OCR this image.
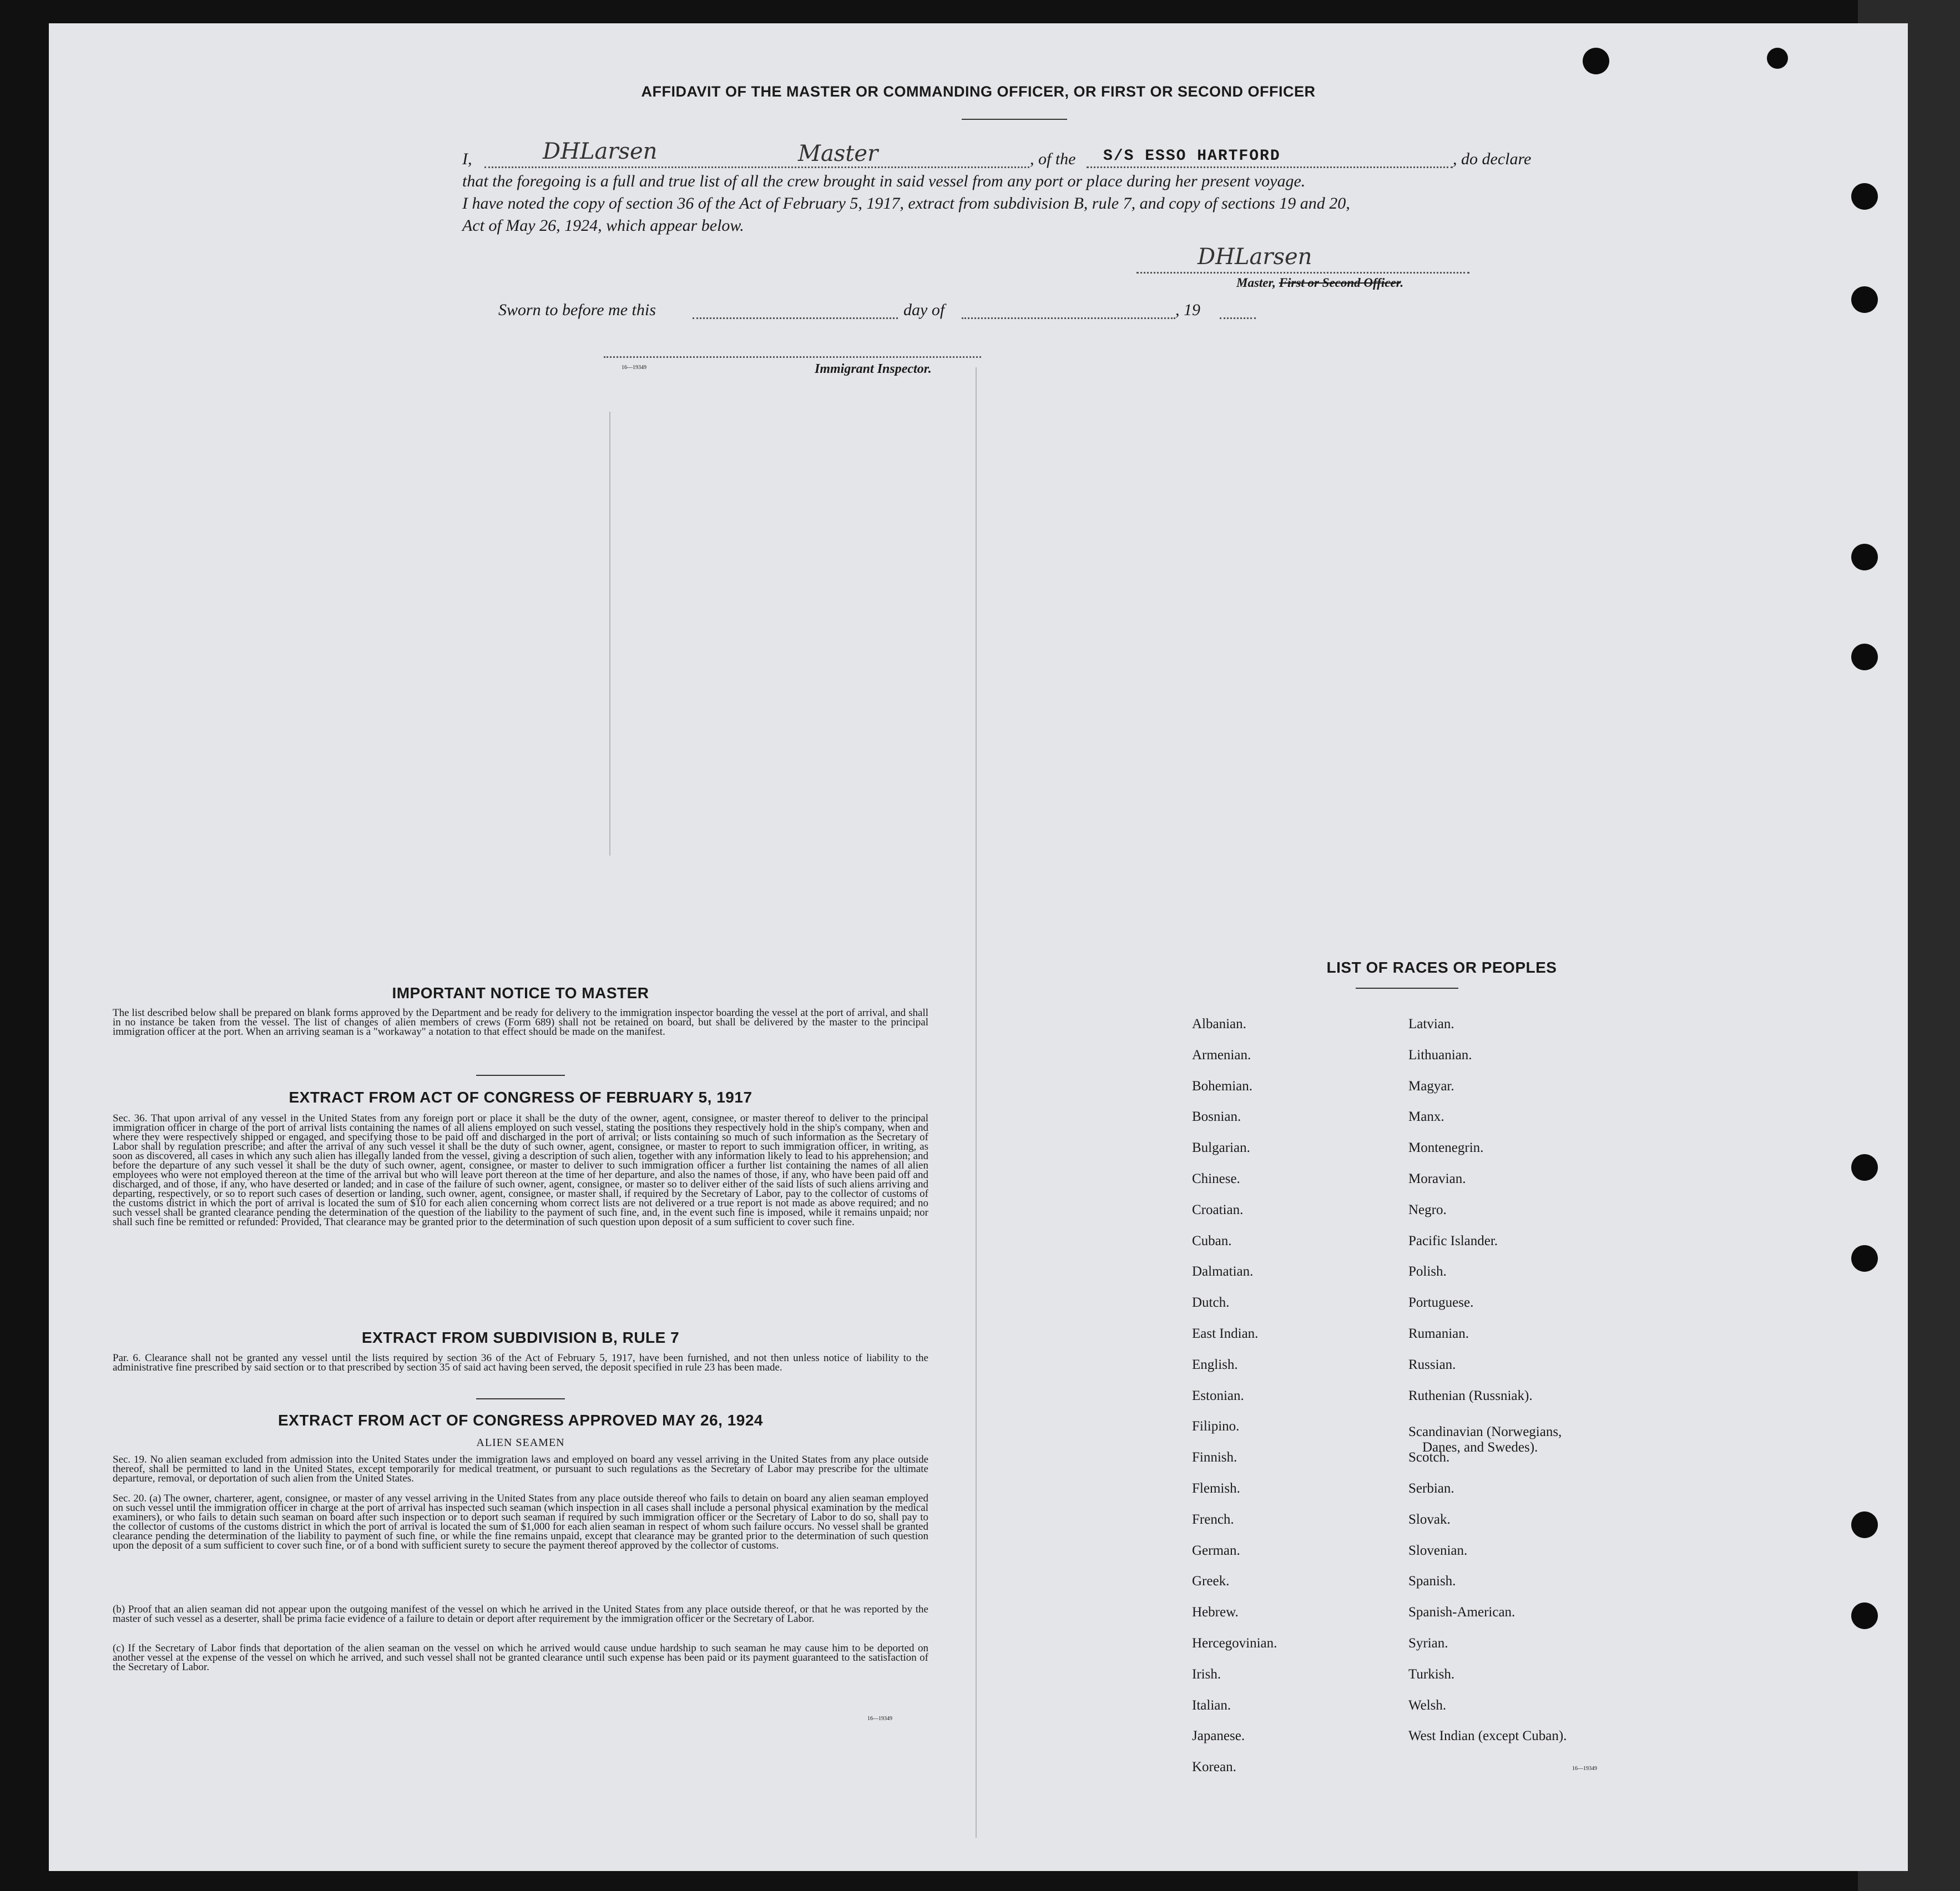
AFFIDAVIT OF THE MASTER OR COMMANDING OFFICER, OR FIRST OR SECOND OFFICER
I,	DHLarsen	Master	, of the S/S ESSO HARTFORD	, do declare
that the foregoing is a full and true list of all the crew brought in said vessel from any port or place during her present voyage.
I have noted the copy of section 36 of the Act of February 5, 1917, extract from subdivision B, rule 7, and copy of sections 19 and 20,
Act of May 26, 1924, which appear below.
DHLarsen
Master, First or Second Officer.
Sworn to before me this	day of	, 19
16—19349	Immigrant Inspector.
IMPORTANT NOTICE TO MASTER
The list described below shall be prepared on blank forms approved by the Department and be ready for delivery to the immigration inspector boarding the vessel at the port of arrival, and shall in no instance be taken from the vessel. The list of changes of alien members of crews (Form 689) shall not be retained on board, but shall be delivered by the master to the principal immigration officer at the port. When an arriving seaman is a "workaway" a notation to that effect should be made on the manifest.
EXTRACT FROM ACT OF CONGRESS OF FEBRUARY 5, 1917
Sec. 36. That upon arrival of any vessel in the United States from any foreign port or place it shall be the duty of the owner, agent, consignee, or master thereof to deliver to the principal immigration officer in charge of the port of arrival lists containing the names of all aliens employed on such vessel, stating the positions they respectively hold in the ship's company, when and where they were respectively shipped or engaged, and specifying those to be paid off and discharged in the port of arrival; or lists containing so much of such information as the Secretary of Labor shall by regulation prescribe; and after the arrival of any such vessel it shall be the duty of such owner, agent, consignee, or master to report to such immigration officer, in writing, as soon as discovered, all cases in which any such alien has illegally landed from the vessel, giving a description of such alien, together with any information likely to lead to his apprehension; and before the departure of any such vessel it shall be the duty of such owner, agent, consignee, or master to deliver to such immigration officer a further list containing the names of all alien employees who were not employed thereon at the time of the arrival but who will leave port thereon at the time of her departure, and also the names of those, if any, who have been paid off and discharged, and of those, if any, who have deserted or landed; and in case of the failure of such owner, agent, consignee, or master so to deliver either of the said lists of such aliens arriving and departing, respectively, or so to report such cases of desertion or landing, such owner, agent, consignee, or master shall, if required by the Secretary of Labor, pay to the collector of customs of the customs district in which the port of arrival is located the sum of $10 for each alien concerning whom correct lists are not delivered or a true report is not made as above required; and no such vessel shall be granted clearance pending the determination of the question of the liability to the payment of such fine, and, in the event such fine is imposed, while it remains unpaid; nor shall such fine be remitted or refunded: Provided, That clearance may be granted prior to the determination of such question upon deposit of a sum sufficient to cover such fine.
EXTRACT FROM SUBDIVISION B, RULE 7
Par. 6. Clearance shall not be granted any vessel until the lists required by section 36 of the Act of February 5, 1917, have been furnished, and not then unless notice of liability to the administrative fine prescribed by said section or to that prescribed by section 35 of said act having been served, the deposit specified in rule 23 has been made.
EXTRACT FROM ACT OF CONGRESS APPROVED MAY 26, 1924
ALIEN SEAMEN
Sec. 19. No alien seaman excluded from admission into the United States under the immigration laws and employed on board any vessel arriving in the United States from any place outside thereof, shall be permitted to land in the United States, except temporarily for medical treatment, or pursuant to such regulations as the Secretary of Labor may prescribe for the ultimate departure, removal, or deportation of such alien from the United States.
Sec. 20. (a) The owner, charterer, agent, consignee, or master of any vessel arriving in the United States from any place outside thereof who fails to detain on board any alien seaman employed on such vessel until the immigration officer in charge at the port of arrival has inspected such seaman (which inspection in all cases shall include a personal physical examination by the medical examiners), or who fails to detain such seaman on board after such inspection or to deport such seaman if required by such immigration officer or the Secretary of Labor to do so, shall pay to the collector of customs of the customs district in which the port of arrival is located the sum of $1,000 for each alien seaman in respect of whom such failure occurs. No vessel shall be granted clearance pending the determination of the liability to payment of such fine, or while the fine remains unpaid, except that clearance may be granted prior to the determination of such question upon the deposit of a sum sufficient to cover such fine, or of a bond with sufficient surety to secure the payment thereof approved by the collector of customs.
(b) Proof that an alien seaman did not appear upon the outgoing manifest of the vessel on which he arrived in the United States from any place outside thereof, or that he was reported by the master of such vessel as a deserter, shall be prima facie evidence of a failure to detain or deport after requirement by the immigration officer or the Secretary of Labor.
(c) If the Secretary of Labor finds that deportation of the alien seaman on the vessel on which he arrived would cause undue hardship to such seaman he may cause him to be deported on another vessel at the expense of the vessel on which he arrived, and such vessel shall not be granted clearance until such expense has been paid or its payment guaranteed to the satisfaction of the Secretary of Labor.
16—19349
LIST OF RACES OR PEOPLES
Albanian.
Armenian.
Bohemian.
Bosnian.
Bulgarian.
Chinese.
Croatian.
Cuban.
Dalmatian.
Dutch.
East Indian.
English.
Estonian.
Filipino.
Finnish.
Flemish.
French.
German.
Greek.
Hebrew.
Hercegovinian.
Irish.
Italian.
Japanese.
Korean.
Latvian.
Lithuanian.
Magyar.
Manx.
Montenegrin.
Moravian.
Negro.
Pacific Islander.
Polish.
Portuguese.
Rumanian.
Russian.
Ruthenian (Russniak).
Scandinavian (Norwegians,
Danes, and Swedes).
Scotch.
Serbian.
Slovak.
Slovenian.
Spanish.
Spanish-American.
Syrian.
Turkish.
Welsh.
West Indian (except Cuban).
16—19349
